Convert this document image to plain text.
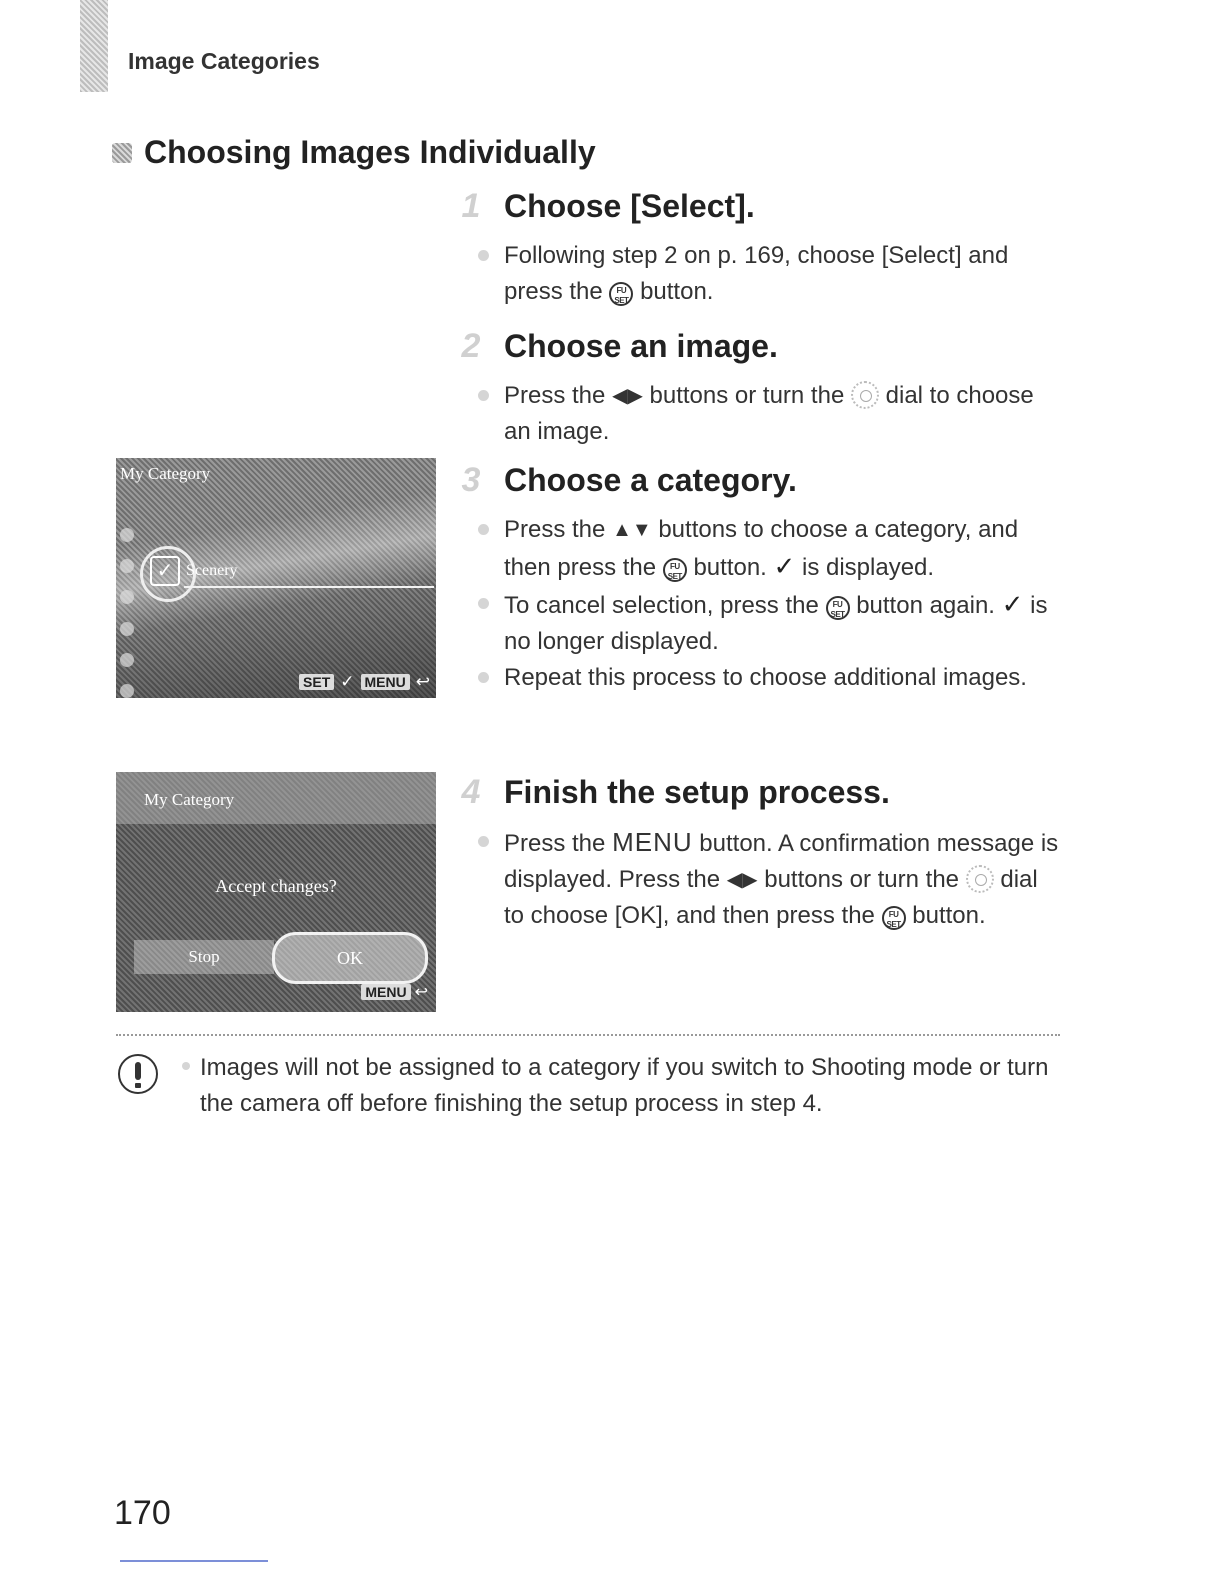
Image Categories
Choosing Images Individually
1 Choose [Select].
Following step 2 on p. 169, choose [Select] and press the FU
SET button.
2 Choose an image.
Press the ◀▶ buttons or turn the dial to choose an image.
3 Choose a category.
Press the ▲▼ buttons to choose a category, and then press the FU
SET button. ✓ is displayed.
To cancel selection, press the FU
SET button again. ✓ is no longer displayed.
Repeat this process to choose additional images.
4 Finish the setup process.
Press the MENU button. A confirmation message is displayed. Press the ◀▶ buttons or turn the dial to choose [OK], and then press the FU
SET button.
My Category
✓ Scenery
SET ✓ MENU ↩
My Category
Accept changes?
Stop	OK
MENU ↩
Images will not be assigned to a category if you switch to Shooting mode or turn the camera off before finishing the setup process in step 4.
170
